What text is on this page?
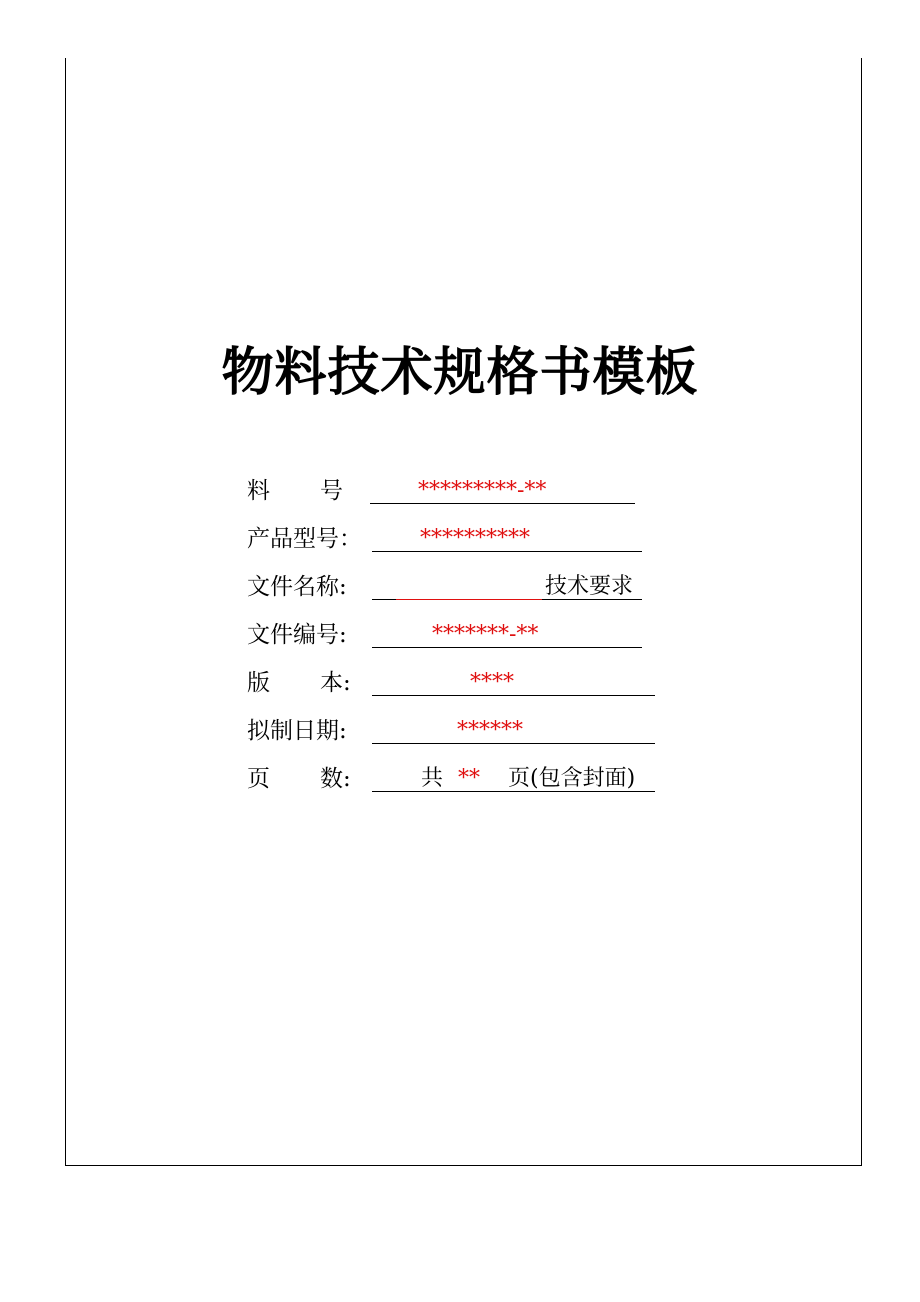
物料技术规格书模板
料 号	*********-**
产品型号：	**********
文件名称:	技术要求
文件编号:	*******-**
版 本:	****
拟制日期:	******
页 数:	共 ** 页(包含封面)
